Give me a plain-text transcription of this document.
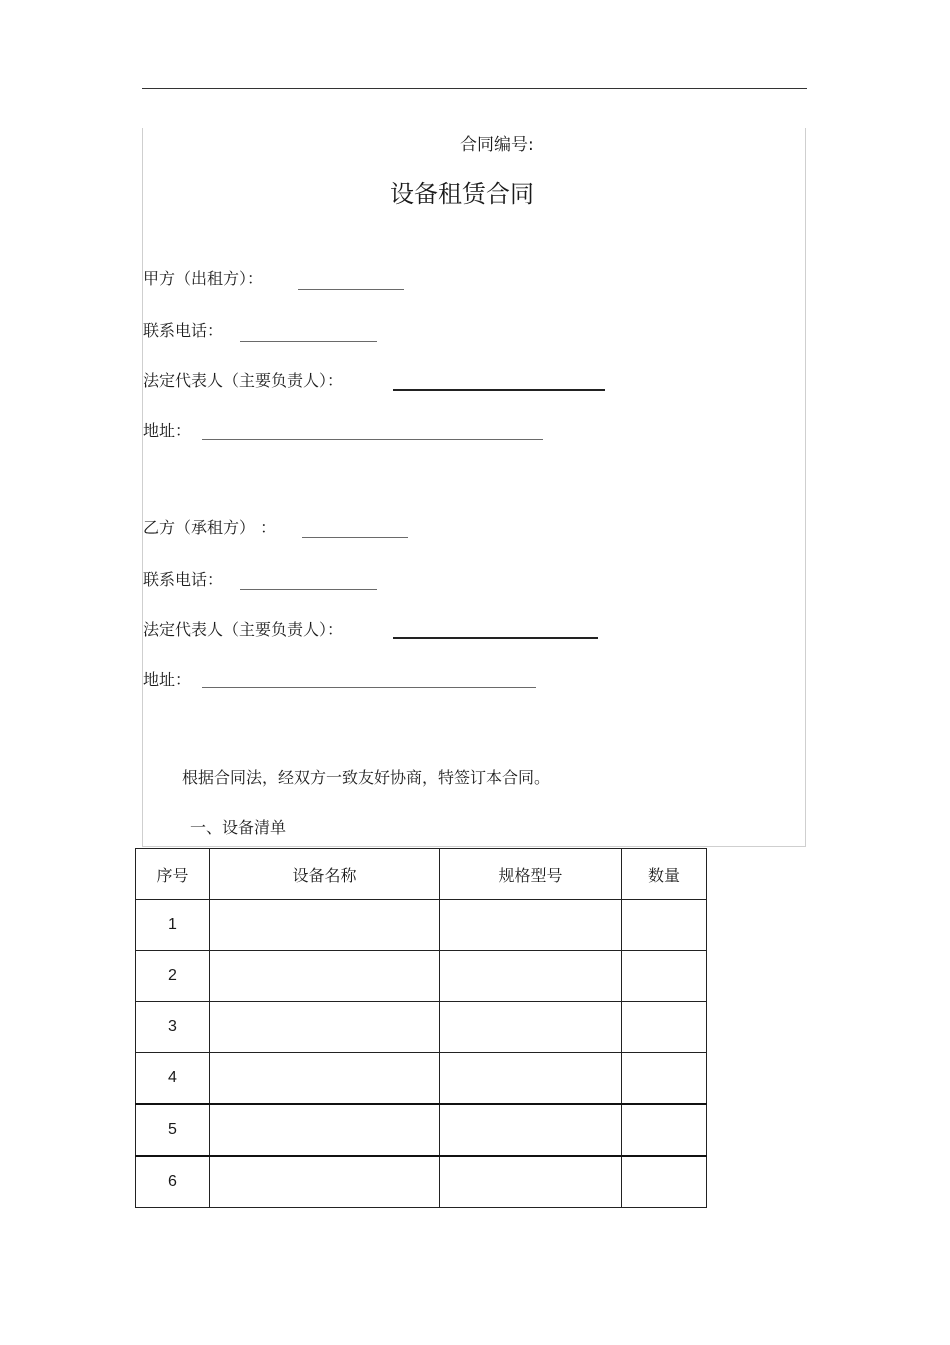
合同编号:
设备租赁合同
甲方（出租方）：
联系电话：
法定代表人（主要负责人）：
地址：
乙方（承租方） ：
联系电话：
法定代表人（主要负责人）：
地址：
根据合同法，经双方一致友好协商，特签订本合同。
一、设备清单
序号	设备名称	规格型号	数量
1			
2			
3			
4			
5			
6			
